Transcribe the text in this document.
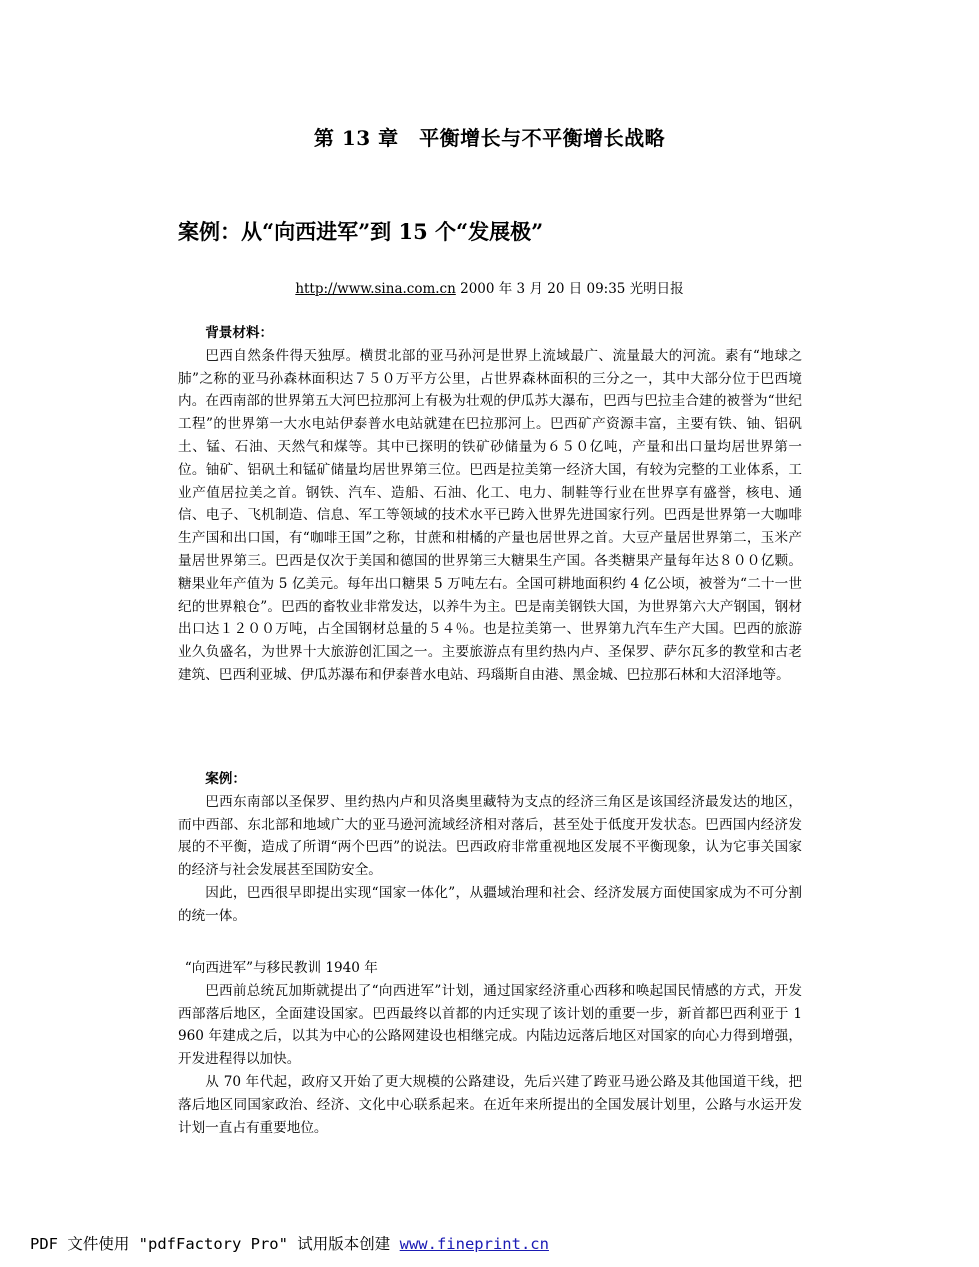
第 13 章　平衡增长与不平衡增长战略
案例：从“向西进军”到 15 个“发展极”
http://www.sina.com.cn 2000 年 3 月 20 日 09:35 光明日报
背景材料：

巴西自然条件得天独厚。横贯北部的亚马孙河是世界上流域最广、流量最大的河流。素有“地球之肺”之称的亚马孙森林面积达７５０万平方公里，占世界森林面积的三分之一，其中大部分位于巴西境内。在西南部的世界第五大河巴拉那河上有极为壮观的伊瓜苏大瀑布，巴西与巴拉圭合建的被誉为“世纪工程”的世界第一大水电站伊泰普水电站就建在巴拉那河上。巴西矿产资源丰富，主要有铁、铀、铝矾土、锰、石油、天然气和煤等。其中已探明的铁矿砂储量为６５０亿吨，产量和出口量均居世界第一位。铀矿、铝矾土和锰矿储量均居世界第三位。巴西是拉美第一经济大国，有较为完整的工业体系，工业产值居拉美之首。钢铁、汽车、造船、石油、化工、电力、制鞋等行业在世界享有盛誉，核电、通信、电子、飞机制造、信息、军工等领域的技术水平已跨入世界先进国家行列。巴西是世界第一大咖啡生产国和出口国，有“咖啡王国”之称，甘蔗和柑橘的产量也居世界之首。大豆产量居世界第二，玉米产量居世界第三。巴西是仅次于美国和德国的世界第三大糖果生产国。各类糖果产量每年达８００亿颗。糖果业年产值为 5 亿美元。每年出口糖果 5 万吨左右。全国可耕地面积约 4 亿公顷，被誉为“二十一世纪的世界粮仓”。巴西的畜牧业非常发达，以养牛为主。巴是南美钢铁大国，为世界第六大产钢国，钢材出口达１２００万吨，占全国钢材总量的５４％。也是拉美第一、世界第九汽车生产大国。巴西的旅游业久负盛名，为世界十大旅游创汇国之一。主要旅游点有里约热内卢、圣保罗、萨尔瓦多的教堂和古老建筑、巴西利亚城、伊瓜苏瀑布和伊泰普水电站、玛瑙斯自由港、黑金城、巴拉那石林和大沼泽地等。

案例：

巴西东南部以圣保罗、里约热内卢和贝洛奥里藏特为支点的经济三角区是该国经济最发达的地区，而中西部、东北部和地域广大的亚马逊河流域经济相对落后，甚至处于低度开发状态。巴西国内经济发展的不平衡，造成了所谓“两个巴西”的说法。巴西政府非常重视地区发展不平衡现象，认为它事关国家的经济与社会发展甚至国防安全。

因此，巴西很早即提出实现“国家一体化”，从疆域治理和社会、经济发展方面使国家成为不可分割的统一体。

“向西进军”与移民教训 1940 年

巴西前总统瓦加斯就提出了“向西进军”计划，通过国家经济重心西移和唤起国民情感的方式，开发西部落后地区，全面建设国家。巴西最终以首都的内迁实现了该计划的重要一步，新首都巴西利亚于 1 960 年建成之后，以其为中心的公路网建设也相继完成。内陆边远落后地区对国家的向心力得到增强，开发进程得以加快。

从 70 年代起，政府又开始了更大规模的公路建设，先后兴建了跨亚马逊公路及其他国道干线，把落后地区同国家政治、经济、文化中心联系起来。在近年来所提出的全国发展计划里，公路与水运开发计划一直占有重要地位。

PDF 文件使用 "pdfFactory Pro" 试用版本创建 www.fineprint.cn
